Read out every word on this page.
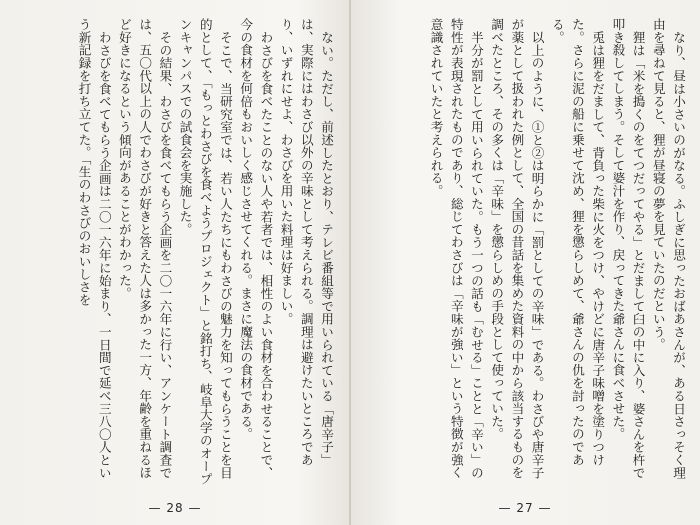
ない。ただし、前述したとおり、テレビ番組等で用いられている「唐辛子」は、実際にはわさび以外の辛味として考えられる。調理は避けたいところであり、いずれにせよ、わさびを用いた料理は好ましい。

わさびを食べたことのない人や若者では、相性のよい食材を合わせることで、今の食材を何倍もおいしく感じさせてくれる。まさに魔法の食材である。

そこで、当研究室では、若い人たちにもわさびの魅力を知ってもらうことを目的として、「もっとわさびを食べようプロジェクト」と銘打ち、岐阜大学のオープンキャンパスでの試食会を実施した。

その結果、わさびを食べてもらう企画を二〇一六年に行い、アンケート調査では、五〇代以上の人でわさびが好きと答えた人は多かった一方、年齢を重ねるほど好きになるという傾向があることがわかった。

わさびを食べてもらう企画は二〇一六年に始まり、一日間で延べ三八〇人という新記録を打ち立てた。「生のわさびのおいしさを

— 28 —

なり、昼は小さいのがなる。ふしぎに思ったおばあさんが、ある日さっそく理由を尋ねて見ると、狸が昼寝の夢を見ていたのだという。

狸は「米を搗くのをてつだってやる」とだまして臼の中に入り、婆さんを杵で叩き殺してしまう。そして婆汁を作り、戻ってきた爺さんに食べさせた。

兎は狸をだまして、背負った柴に火をつけ、やけどに唐辛子味噌を塗りつけた。さらに泥の船に乗せて沈め、狸を懲らしめて、爺さんの仇を討ったのである。

以上のように、①と②は明らかに「罰としての辛味」である。わさびや唐辛子が薬として扱われた例として、全国の昔話を集めた資料の中から該当するものを調べたところ、その多くは「辛味」を懲らしめの手段として使っていた。

半分が罰として用いられていた。もう一つの話も「むせる」ことと「辛い」の特性が表現されたものであり、総じてわさびは「辛味が強い」という特徴が強く意識されていたと考えられる。

— 27 —
